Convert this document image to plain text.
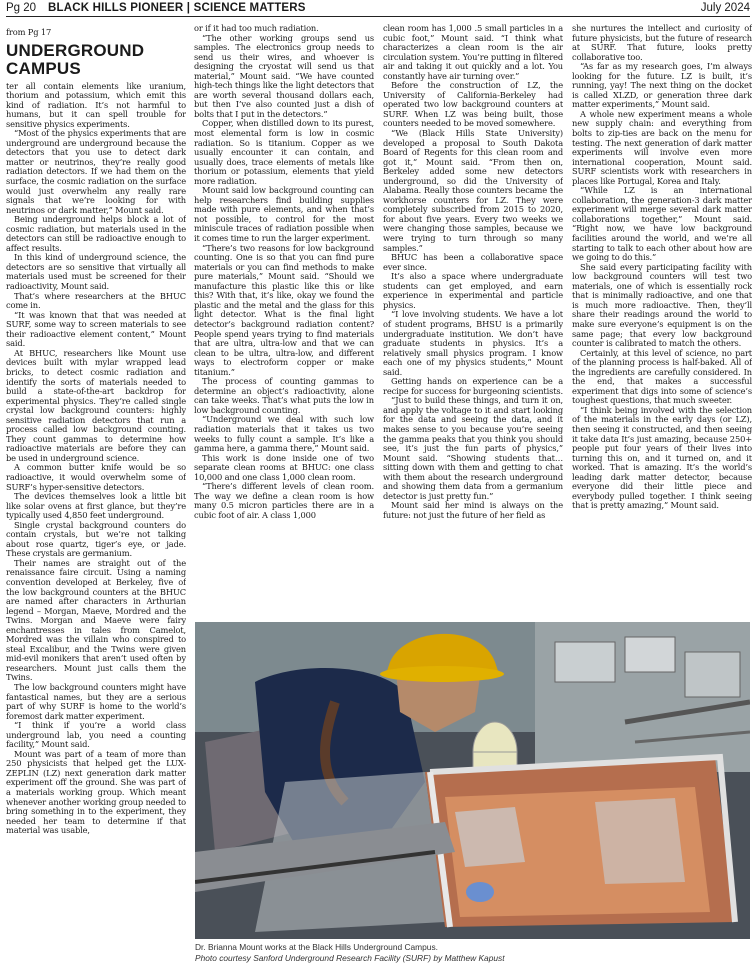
Pg 20	BLACK HILLS PIONEER | SCIENCE MATTERS	July 2024
from Pg 17
UNDERGROUND CAMPUS

ter all contain elements like uranium, thorium and potassium, which emit this kind of radiation. It’s not harmful to humans, but it can spell trouble for sensitive physics experiments.

“Most of the physics experiments that are underground are underground because the detectors that you use to detect dark matter or neutrinos, they’re really good radiation detectors. If we had them on the surface, the cosmic radiation on the surface would just overwhelm any really rare signals that we’re looking for with neutrinos or dark matter,” Mount said.

Being underground helps block a lot of cosmic radiation, but materials used in the detectors can still be radioactive enough to affect results.

In this kind of underground science, the detectors are so sensitive that virtually all materials used must be screened for their radioactivity, Mount said.

That’s where researchers at the BHUC come in.

“It was known that that was needed at SURF, some way to screen materials to see their radioactive element content,” Mount said.

At BHUC, researchers like Mount use devices built with mylar wrapped lead bricks, to detect cosmic radiation and identify the sorts of materials needed to build a state-of-the-art backdrop for experimental physics. They’re called single crystal low background counters: highly sensitive radiation detectors that run a process called low background counting. They count gammas to determine how radioactive materials are before they can be used in underground science.

A common butter knife would be so radioactive, it would overwhelm some of SURF’s hyper-sensitive detectors.

The devices themselves look a little bit like solar ovens at first glance, but they’re typically used 4,850 feet underground.

Single crystal background counters do contain crystals, but we’re not talking about rose quartz, tiger’s eye, or jade. These crystals are germanium.

Their names are straight out of the renaissance faire circuit. Using a naming convention developed at Berkeley, five of the low background counters at the BHUC are named after characters in Arthurian legend – Morgan, Maeve, Mordred and the Twins. Morgan and Maeve were fairy enchantresses in tales from Camelot, Mordred was the villain who conspired to steal Excalibur, and the Twins were given mid-evil monikers that aren’t used often by researchers. Mount just calls them the Twins.

The low background counters might have fantastical names, but they are a serious part of why SURF is home to the world’s foremost dark matter experiment.

“I think if you’re a world class underground lab, you need a counting facility,” Mount said.

Mount was part of a team of more than 250 physicists that helped get the LUX-ZEPLIN (LZ) next generation dark matter experiment off the ground. She was part of a materials working group. Which meant whenever another working group needed to bring something in to the experiment, they needed her team to determine if that material was usable,

or if it had too much radiation.

“The other working groups send us samples. The electronics group needs to send us their wires, and whoever is designing the cryostat will send us that material,” Mount said. “We have counted high-tech things like the light detectors that are worth several thousand dollars each, but then I’ve also counted just a dish of bolts that I put in the detectors.”

Copper, when distilled down to its purest, most elemental form is low in cosmic radiation. So is titanium. Copper as we usually encounter it can contain, and usually does, trace elements of metals like thorium or potassium, elements that yield more radiation.

Mount said low background counting can help researchers find building supplies made with pure elements, and when that’s not possible, to control for the most miniscule traces of radiation possible when it comes time to run the larger experiment.

“There’s two reasons for low background counting. One is so that you can find pure materials or you can find methods to make pure materials,” Mount said. “Should we manufacture this plastic like this or like this? With that, it’s like, okay we found the plastic and the metal and the glass for this light detector. What is the final light detector’s background radiation content? People spend years trying to find materials that are ultra, ultra-low and that we can clean to be ultra, ultra-low, and different ways to electroform copper or make titanium.”

The process of counting gammas to determine an object’s radioactivity, alone can take weeks. That’s what puts the low in low background counting.

“Underground we deal with such low radiation materials that it takes us two weeks to fully count a sample. It’s like a gamma here, a gamma there,” Mount said.

This work is done inside one of two separate clean rooms at BHUC: one class 10,000 and one class 1,000 clean room.

“There’s different levels of clean room. The way we define a clean room is how many 0.5 micron particles there are in a cubic foot of air. A class 1,000

clean room has 1,000 .5 small particles in a cubic foot,” Mount said. “I think what characterizes a clean room is the air circulation system. You’re putting in filtered air and taking it out quickly and a lot. You constantly have air turning over.”

Before the construction of LZ, the University of California-Berkeley had operated two low background counters at SURF. When LZ was being built, those counters needed to be moved somewhere.

“We (Black Hills State University) developed a proposal to South Dakota Board of Regents for this clean room and got it,” Mount said. “From then on, Berkeley added some new detectors underground, so did the University of Alabama. Really those counters became the workhorse counters for LZ. They were completely subscribed from 2015 to 2020, for about five years. Every two weeks we were changing those samples, because we were trying to turn through so many samples.”

BHUC has been a collaborative space ever since.

It’s also a space where undergraduate students can get employed, and earn experience in experimental and particle physics.

“I love involving students. We have a lot of student programs, BHSU is a primarily undergraduate institution. We don’t have graduate students in physics. It’s a relatively small physics program. I know each one of my physics students,” Mount said.

Getting hands on experience can be a recipe for success for burgeoning scientists.

“Just to build these things, and turn it on, and apply the voltage to it and start looking for the data and seeing the data, and it makes sense to you because you’re seeing the gamma peaks that you think you should see, it’s just the fun parts of physics,” Mount said. “Showing students that… sitting down with them and getting to chat with them about the research underground and showing them data from a germanium detector is just pretty fun.”

Mount said her mind is always on the future: not just the future of her field as

she nurtures the intellect and curiosity of future physicists, but the future of research at SURF. That future, looks pretty collaborative too.

“As far as my research goes, I’m always looking for the future. LZ is built, it’s running, yay! The next thing on the docket is called XLZD, or generation three dark matter experiments,” Mount said.

A whole new experiment means a whole new supply chain: and everything from bolts to zip-ties are back on the menu for testing. The next generation of dark matter experiments will involve even more international cooperation, Mount said. SURF scientists work with researchers in places like Portugal, Korea and Italy.

“While LZ is an international collaboration, the generation-3 dark matter experiment will merge several dark matter collaborations together,” Mount said. “Right now, we have low background facilities around the world, and we’re all starting to talk to each other about how are we going to do this.”

She said every participating facility with low background counters will test two materials, one of which is essentially rock that is minimally radioactive, and one that is much more radioactive. Then, they’ll share their readings around the world to make sure everyone’s equipment is on the same page; that every low background counter is calibrated to match the others.

Certainly, at this level of science, no part of the planning process is half-baked. All of the ingredients are carefully considered. In the end, that makes a successful experiment that digs into some of science’s toughest questions, that much sweeter.

“I think being involved with the selection of the materials in the early days (or LZ), then seeing it constructed, and then seeing it take data It’s just amazing, because 250+ people put four years of their lives into turning this on, and it turned on, and it worked. That is amazing. It’s the world’s leading dark matter detector, because everyone did their little piece and everybody pulled together. I think seeing that is pretty amazing,” Mount said.

Dr. Brianna Mount works at the Black Hills Underground Campus.
Photo courtesy Sanford Underground Research Facility (SURF) by Matthew Kapust
